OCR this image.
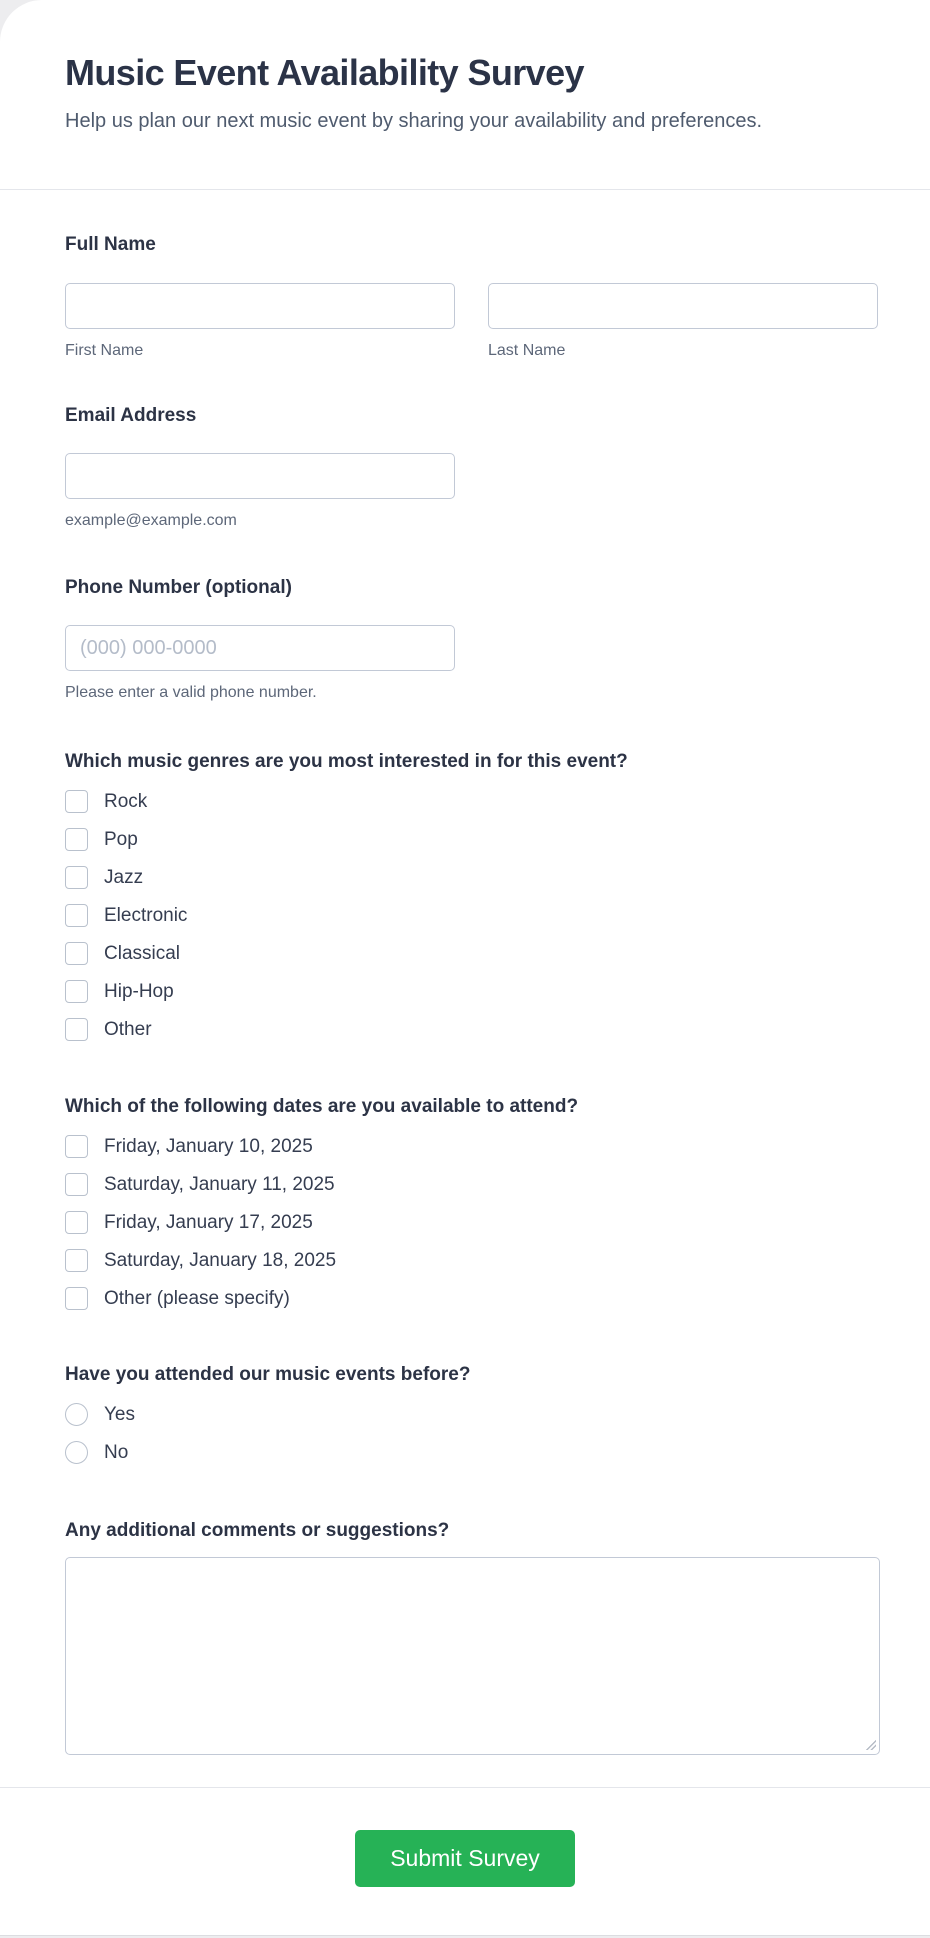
Music Event Availability Survey
Help us plan our next music event by sharing your availability and preferences.
Full Name
First Name	Last Name
Email Address
example@example.com
Phone Number (optional)
(000) 000-0000
Please enter a valid phone number.
Which music genres are you most interested in for this event?
Rock
Pop
Jazz
Electronic
Classical
Hip-Hop
Other
Which of the following dates are you available to attend?
Friday, January 10, 2025
Saturday, January 11, 2025
Friday, January 17, 2025
Saturday, January 18, 2025
Other (please specify)
Have you attended our music events before?
Yes
No
Any additional comments or suggestions?
Submit Survey
